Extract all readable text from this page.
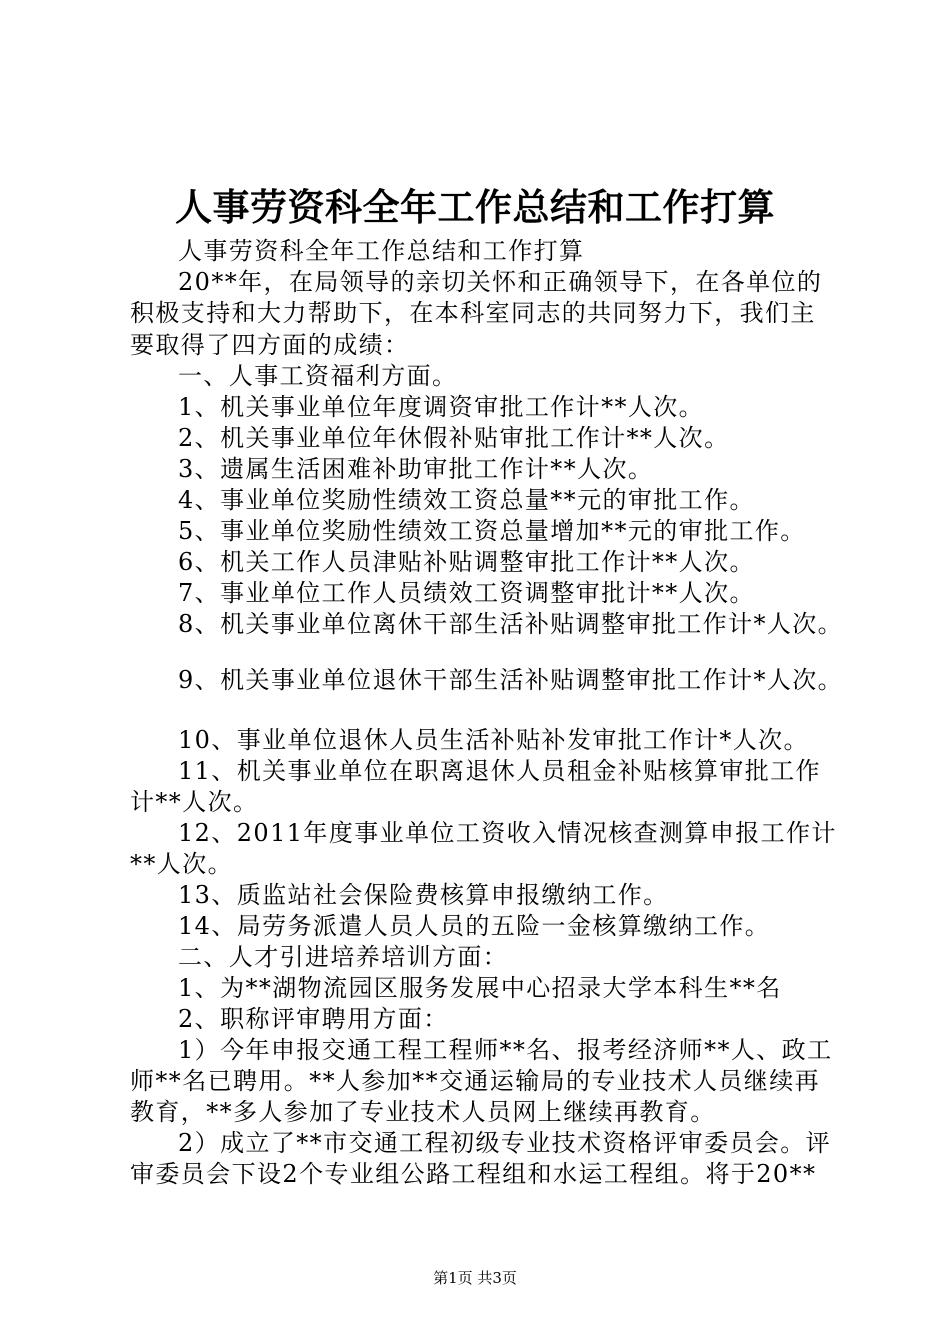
人事劳资科全年工作总结和工作打算
人事劳资科全年工作总结和工作打算
20**年，在局领导的亲切关怀和正确领导下，在各单位的
积极支持和大力帮助下，在本科室同志的共同努力下，我们主
要取得了四方面的成绩：
一、人事工资福利方面。
1、机关事业单位年度调资审批工作计**人次。
2、机关事业单位年休假补贴审批工作计**人次。
3、遗属生活困难补助审批工作计**人次。
4、事业单位奖励性绩效工资总量**元的审批工作。
5、事业单位奖励性绩效工资总量增加**元的审批工作。
6、机关工作人员津贴补贴调整审批工作计**人次。
7、事业单位工作人员绩效工资调整审批计**人次。
8、机关事业单位离休干部生活补贴调整审批工作计*人次。
9、机关事业单位退休干部生活补贴调整审批工作计*人次。
10、事业单位退休人员生活补贴补发审批工作计*人次。
11、机关事业单位在职离退休人员租金补贴核算审批工作
计**人次。
12、2011年度事业单位工资收入情况核查测算申报工作计
**人次。
13、质监站社会保险费核算申报缴纳工作。
14、局劳务派遣人员人员的五险一金核算缴纳工作。
二、人才引进培养培训方面：
1、为**湖物流园区服务发展中心招录大学本科生**名
2、职称评审聘用方面：
1）今年申报交通工程工程师**名、报考经济师**人、政工
师**名已聘用。**人参加**交通运输局的专业技术人员继续再
教育，**多人参加了专业技术人员网上继续再教育。
2）成立了**市交通工程初级专业技术资格评审委员会。评
审委员会下设2个专业组公路工程组和水运工程组。将于20**
第1页 共3页
